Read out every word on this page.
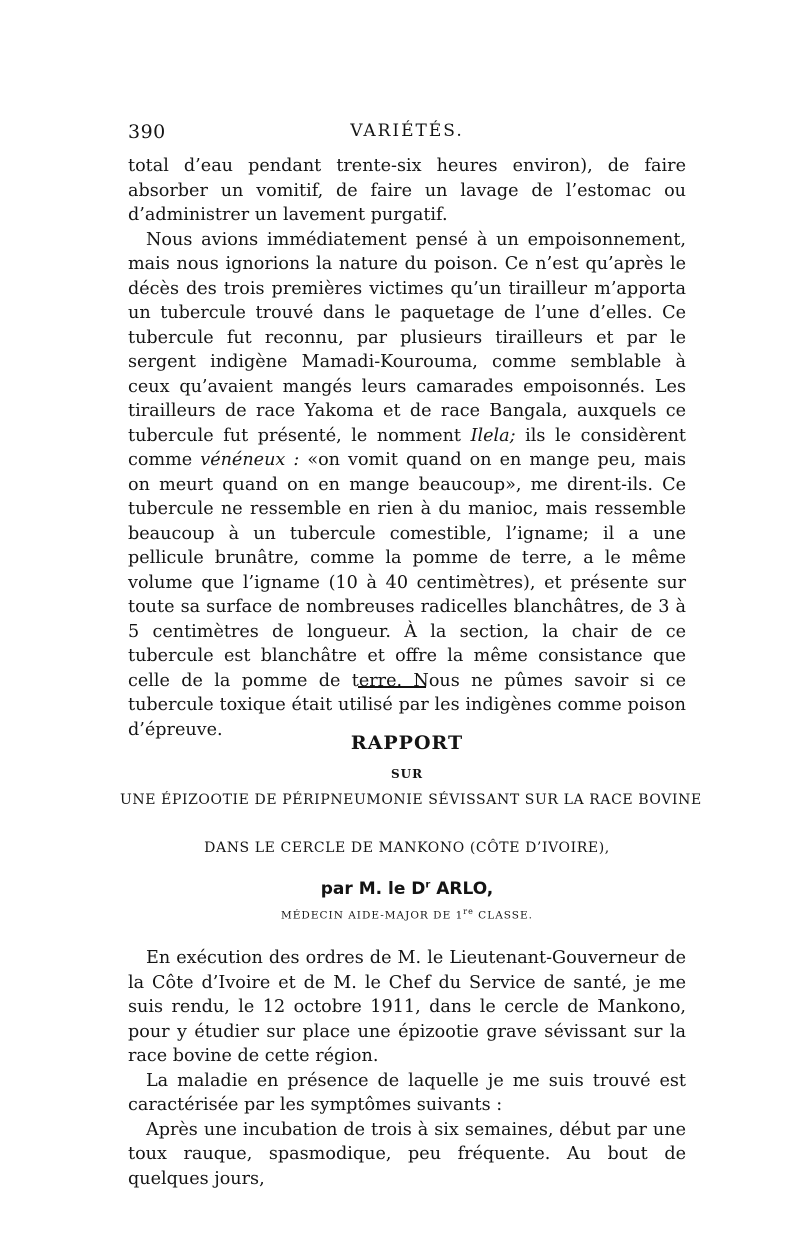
390	VARIÉTÉS.

total d’eau pendant trente-six heures environ), de faire absorber un vomitif, de faire un lavage de l’estomac ou d’administrer un lavement purgatif.

Nous avions immédiatement pensé à un empoisonnement, mais nous ignorions la nature du poison. Ce n’est qu’après le décès des trois premières victimes qu’un tirailleur m’apporta un tubercule trouvé dans le paquetage de l’une d’elles. Ce tubercule fut reconnu, par plusieurs tirailleurs et par le sergent indigène Mamadi-Kourouma, comme semblable à ceux qu’avaient mangés leurs camarades empoisonnés. Les tirailleurs de race Yakoma et de race Bangala, auxquels ce tubercule fut présenté, le nomment Ilela; ils le considèrent comme vénéneux : «on vomit quand on en mange peu, mais on meurt quand on en mange beaucoup», me dirent-ils. Ce tubercule ne ressemble en rien à du manioc, mais ressemble beaucoup à un tubercule comestible, l’igname; il a une pellicule brunâtre, comme la pomme de terre, a le même volume que l’igname (10 à 40 centimètres), et présente sur toute sa surface de nombreuses radicelles blanchâtres, de 3 à 5 centimètres de longueur. À la section, la chair de ce tubercule est blanchâtre et offre la même consistance que celle de la pomme de terre. Nous ne pûmes savoir si ce tubercule toxique était utilisé par les indigènes comme poison d’épreuve.

RAPPORT
SUR
UNE ÉPIZOOTIE DE PÉRIPNEUMONIE SÉVISSANT SUR LA RACE BOVINE
DANS LE CERCLE DE MANKONO (CÔTE D’IVOIRE),
par M. le $D^r$ ARLO,
MÉDECIN AIDE-MAJOR DE 1re CLASSE.

En exécution des ordres de M. le Lieutenant-Gouverneur de la Côte d’Ivoire et de M. le Chef du Service de santé, je me suis rendu, le 12 octobre 1911, dans le cercle de Mankono, pour y étudier sur place une épizootie grave sévissant sur la race bovine de cette région.

La maladie en présence de laquelle je me suis trouvé est caractérisée par les symptômes suivants :

Après une incubation de trois à six semaines, début par une toux rauque, spasmodique, peu fréquente. Au bout de quelques jours,
